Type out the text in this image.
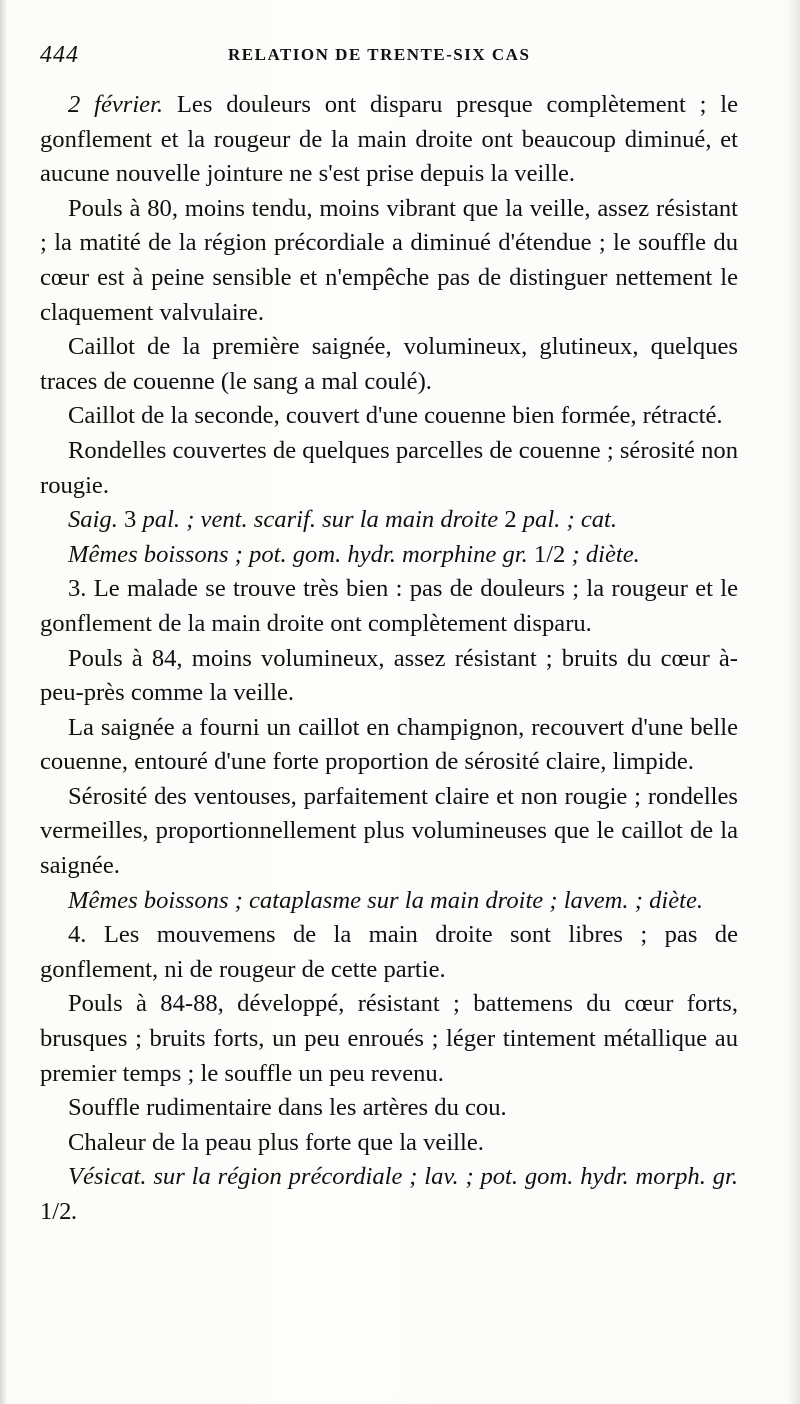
444	RELATION DE TRENTE-SIX CAS

2 février. Les douleurs ont disparu presque complètement ; le gonflement et la rougeur de la main droite ont beaucoup diminué, et aucune nouvelle jointure ne s'est prise depuis la veille.

Pouls à 80, moins tendu, moins vibrant que la veille, assez résistant ; la matité de la région précordiale a diminué d'étendue ; le souffle du cœur est à peine sensible et n'empêche pas de distinguer nettement le claquement valvulaire.

Caillot de la première saignée, volumineux, glutineux, quelques traces de couenne (le sang a mal coulé).

Caillot de la seconde, couvert d'une couenne bien formée, rétracté.

Rondelles couvertes de quelques parcelles de couenne ; sérosité non rougie.

Saig. 3 pal. ; vent. scarif. sur la main droite 2 pal. ; cat.

Mêmes boissons ; pot. gom. hydr. morphine gr. 1/2 ; diète.

3. Le malade se trouve très bien : pas de douleurs ; la rougeur et le gonflement de la main droite ont complètement disparu.

Pouls à 84, moins volumineux, assez résistant ; bruits du cœur à-peu-près comme la veille.

La saignée a fourni un caillot en champignon, recouvert d'une belle couenne, entouré d'une forte proportion de sérosité claire, limpide.

Sérosité des ventouses, parfaitement claire et non rougie ; rondelles vermeilles, proportionnellement plus volumineuses que le caillot de la saignée.

Mêmes boissons ; cataplasme sur la main droite ; lavem. ; diète.

4. Les mouvemens de la main droite sont libres ; pas de gonflement, ni de rougeur de cette partie.

Pouls à 84-88, développé, résistant ; battemens du cœur forts, brusques ; bruits forts, un peu enroués ; léger tintement métallique au premier temps ; le souffle un peu revenu.

Souffle rudimentaire dans les artères du cou.

Chaleur de la peau plus forte que la veille.

Vésicat. sur la région précordiale ; lav. ; pot. gom. hydr. morph. gr. 1/2.
